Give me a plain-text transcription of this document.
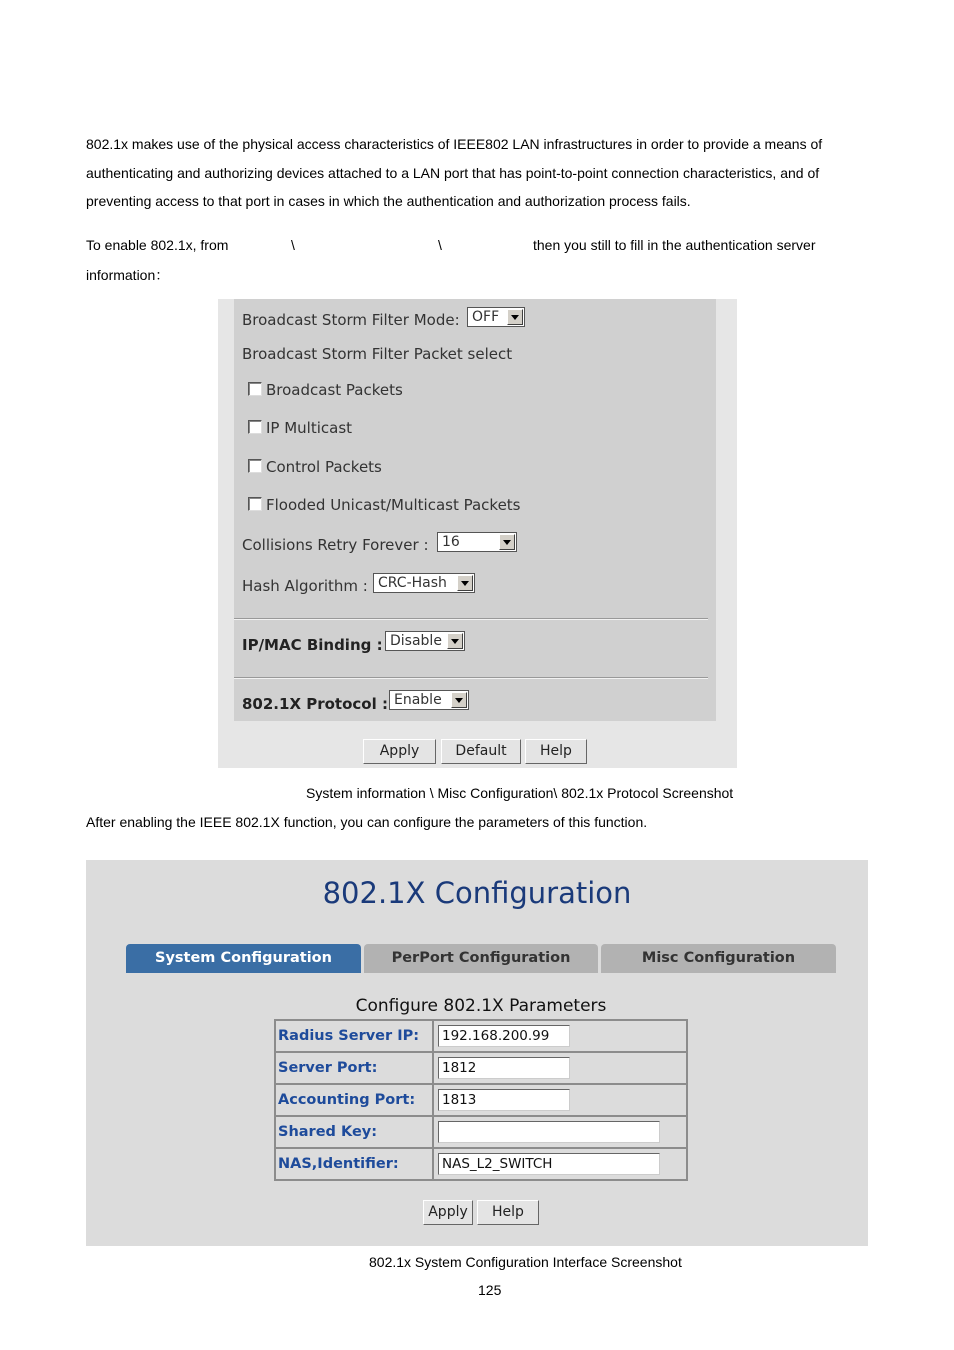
802.1x makes use of the physical access characteristics of IEEE802 LAN infrastructures in order to provide a means of authenticating and authorizing devices attached to a LAN port that has point-to-point connection characteristics, and of preventing access to that port in cases in which the authentication and authorization process fails.

To enable 802.1x, from	\	\	then you still to fill in the authentication server
information：
Broadcast Storm Filter Mode: OFF
Broadcast Storm Filter Packet select
Broadcast Packets
IP Multicast
Control Packets
Flooded Unicast/Multicast Packets
Collisions Retry Forever : 16
Hash Algorithm : CRC-Hash
IP/MAC Binding : Disable
802.1X Protocol : Enable
Apply	Default	Help
System information \ Misc Configuration\ 802.1x Protocol Screenshot
After enabling the IEEE 802.1X function, you can configure the parameters of this function.
802.1X Configuration
System Configuration	PerPort Configuration	Misc Configuration
Configure 802.1X Parameters
Radius Server IP:	192.168.200.99
Server Port:	1812
Accounting Port:	1813
Shared Key:
NAS,Identifier:	NAS_L2_SWITCH
Apply	Help
802.1x System Configuration Interface Screenshot
125
